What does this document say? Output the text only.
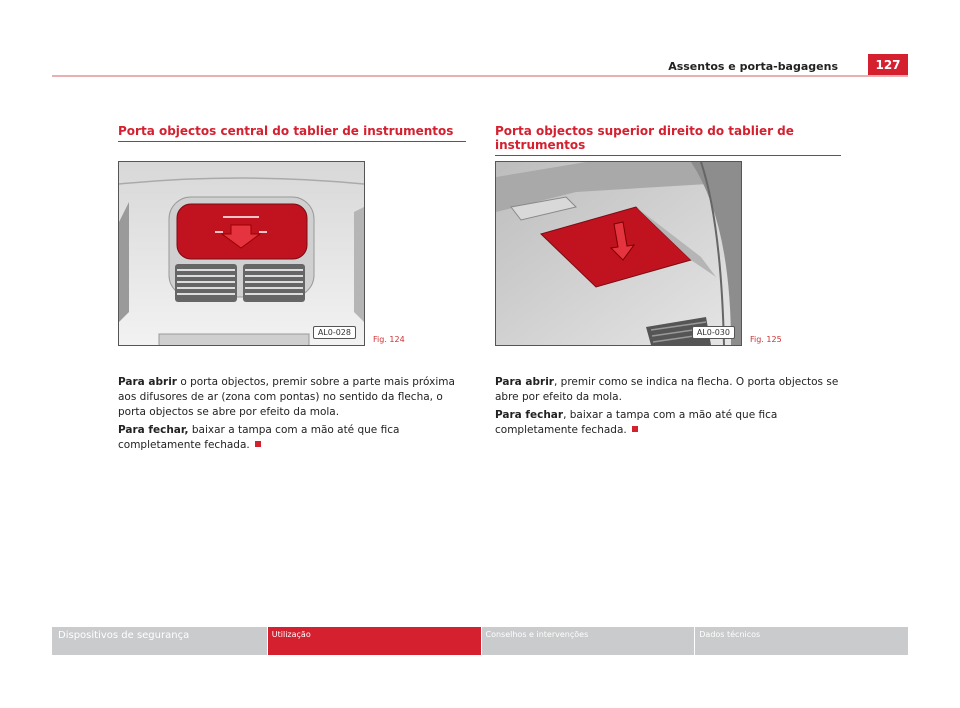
Assentos e porta-bagagens	127
Porta objectos central do tablier de instrumentos
AL0-028
Fig. 124

Para abrir o porta objectos, premir sobre a parte mais próxima aos difusores de ar (zona com pontas) no sentido da flecha, o porta objectos se abre por efeito da mola.

Para fechar, baixar a tampa com a mão até que fica completamente fechada.

Porta objectos superior direito do tablier de instrumentos
AL0-030
Fig. 125

Para abrir, premir como se indica na flecha. O porta objectos se abre por efeito da mola.

Para fechar, baixar a tampa com a mão até que fica completamente fechada.

Dispositivos de segurança	Utilização	Conselhos e intervenções	Dados técnicos
